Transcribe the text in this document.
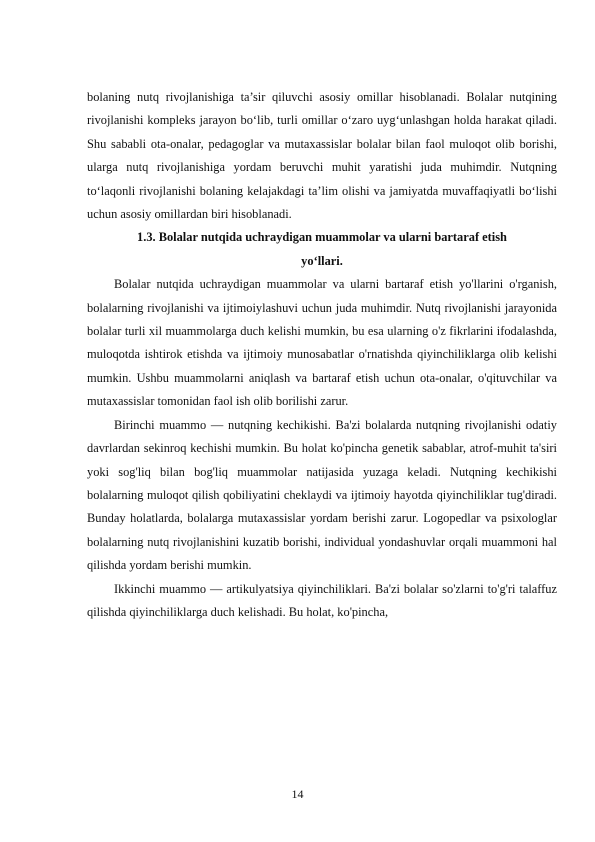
bolaning nutq rivojlanishiga ta’sir qiluvchi asosiy omillar hisoblanadi. Bolalar nutqining rivojlanishi kompleks jarayon bo‘lib, turli omillar o‘zaro uyg‘unlashgan holda harakat qiladi. Shu sababli ota-onalar, pedagoglar va mutaxassislar bolalar bilan faol muloqot olib borishi, ularga nutq rivojlanishiga yordam beruvchi muhit yaratishi juda muhimdir. Nutqning to‘laqonli rivojlanishi bolaning kelajakdagi ta’lim olishi va jamiyatda muvaffaqiyatli bo‘lishi uchun asosiy omillardan biri hisoblanadi.

1.3. Bolalar nutqida uchraydigan muammolar va ularni bartaraf etish
yo‘llari.

Bolalar nutqida uchraydigan muammolar va ularni bartaraf etish yo'llarini o'rganish, bolalarning rivojlanishi va ijtimoiylashuvi uchun juda muhimdir. Nutq rivojlanishi jarayonida bolalar turli xil muammolarga duch kelishi mumkin, bu esa ularning o'z fikrlarini ifodalashda, muloqotda ishtirok etishda va ijtimoiy munosabatlar o'rnatishda qiyinchiliklarga olib kelishi mumkin. Ushbu muammolarni aniqlash va bartaraf etish uchun ota-onalar, o'qituvchilar va mutaxassislar tomonidan faol ish olib borilishi zarur.

Birinchi muammo — nutqning kechikishi. Ba'zi bolalarda nutqning rivojlanishi odatiy davrlardan sekinroq kechishi mumkin. Bu holat ko'pincha genetik sabablar, atrof-muhit ta'siri yoki sog'liq bilan bog'liq muammolar natijasida yuzaga keladi. Nutqning kechikishi bolalarning muloqot qilish qobiliyatini cheklaydi va ijtimoiy hayotda qiyinchiliklar tug'diradi. Bunday holatlarda, bolalarga mutaxassislar yordam berishi zarur. Logopedlar va psixologlar bolalarning nutq rivojlanishini kuzatib borishi, individual yondashuvlar orqali muammoni hal qilishda yordam berishi mumkin.

Ikkinchi muammo — artikulyatsiya qiyinchiliklari. Ba'zi bolalar so'zlarni to'g'ri talaffuz qilishda qiyinchiliklarga duch kelishadi. Bu holat, ko'pincha,

14
